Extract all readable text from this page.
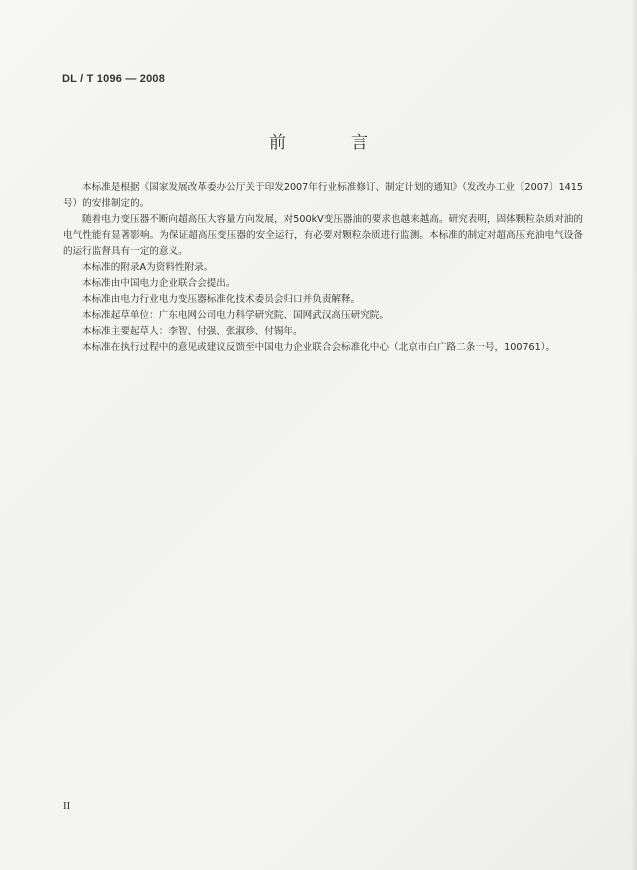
DL / T 1096 — 2008
前　言

本标准是根据《国家发展改革委办公厅关于印发2007年行业标准修订、制定计划的通知》（发改办工业〔2007〕1415号）的安排制定的。

随着电力变压器不断向超高压大容量方向发展，对500kV变压器油的要求也越来越高。研究表明，固体颗粒杂质对油的电气性能有显著影响。为保证超高压变压器的安全运行，有必要对颗粒杂质进行监测。本标准的制定对超高压充油电气设备的运行监督具有一定的意义。

本标准的附录A为资料性附录。

本标准由中国电力企业联合会提出。

本标准由电力行业电力变压器标准化技术委员会归口并负责解释。

本标准起草单位：广东电网公司电力科学研究院、国网武汉高压研究院。

本标准主要起草人：李智、付强、张淑珍、付锡年。

本标准在执行过程中的意见或建议反馈至中国电力企业联合会标准化中心（北京市白广路二条一号，100761）。

II
